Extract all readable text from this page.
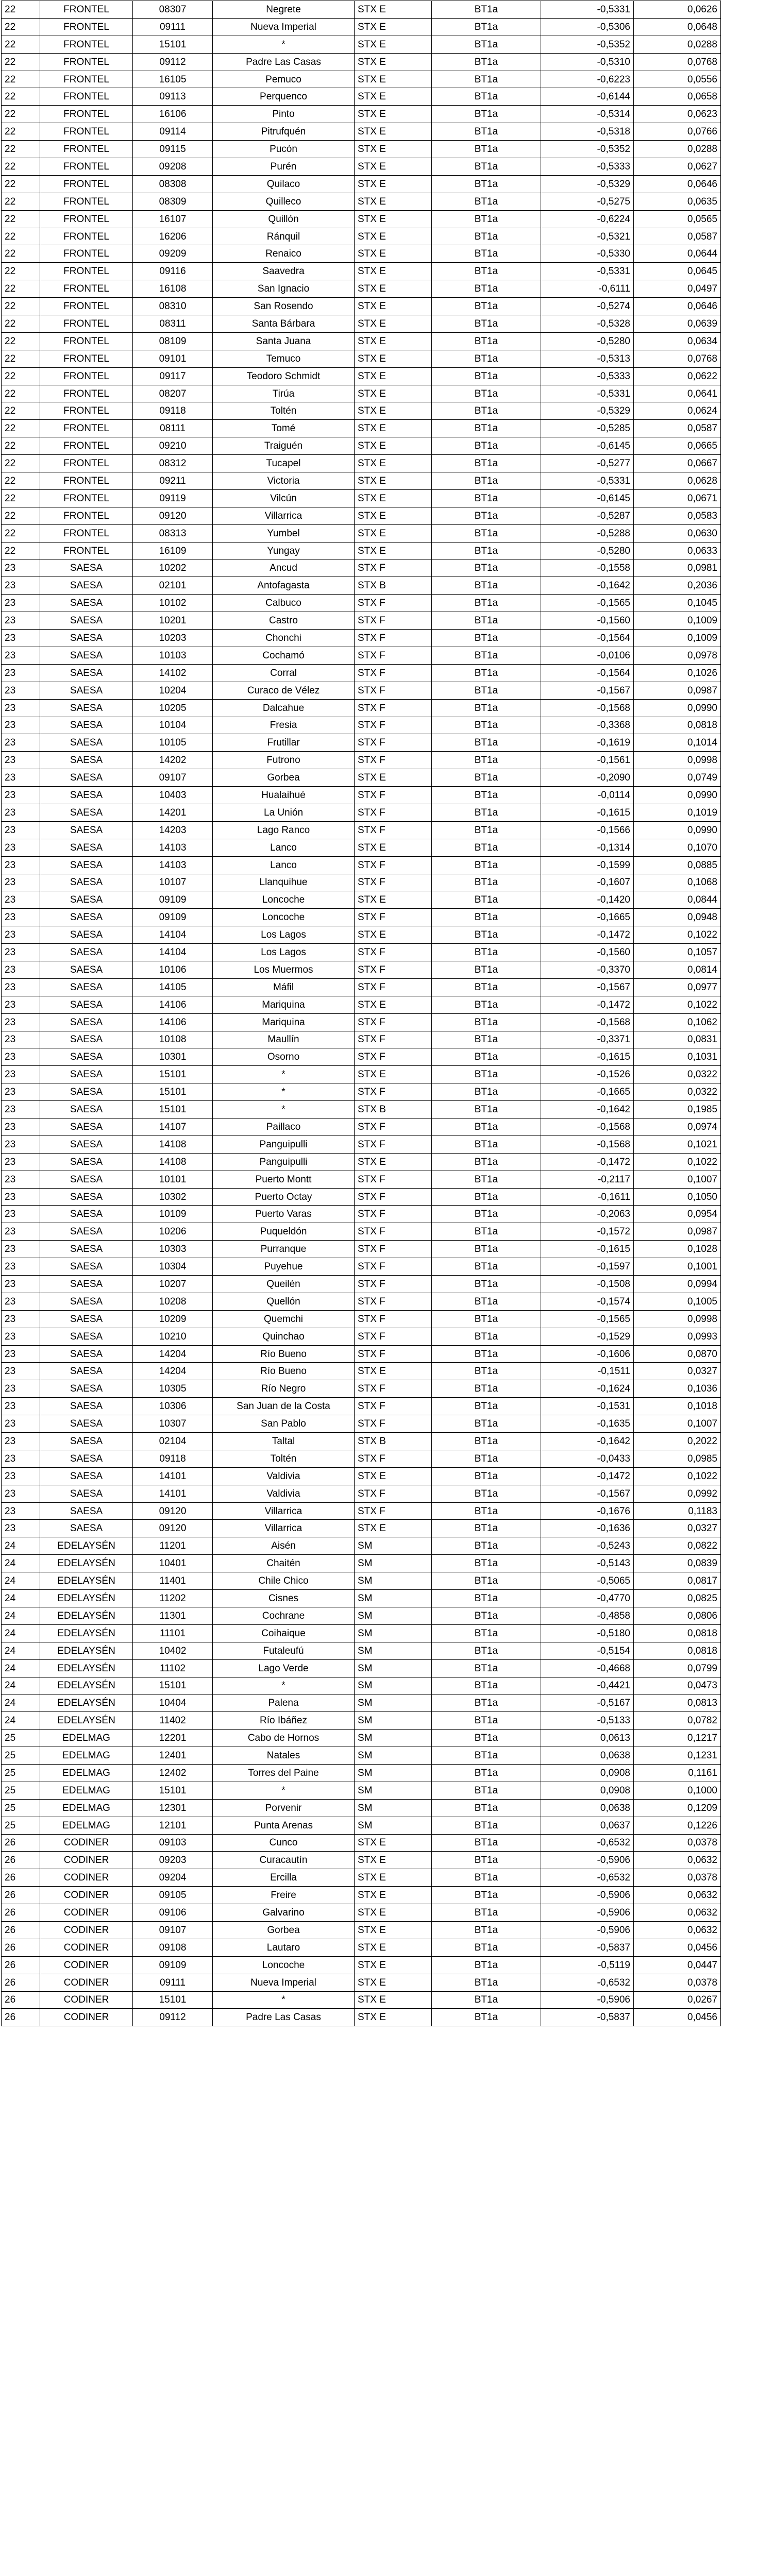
22	FRONTEL	08307	Negrete	STX E	BT1a	-0,5331	0,0626
22	FRONTEL	09111	Nueva Imperial	STX E	BT1a	-0,5306	0,0648
22	FRONTEL	15101	*	STX E	BT1a	-0,5352	0,0288
22	FRONTEL	09112	Padre Las Casas	STX E	BT1a	-0,5310	0,0768
22	FRONTEL	16105	Pemuco	STX E	BT1a	-0,6223	0,0556
22	FRONTEL	09113	Perquenco	STX E	BT1a	-0,6144	0,0658
22	FRONTEL	16106	Pinto	STX E	BT1a	-0,5314	0,0623
22	FRONTEL	09114	Pitrufquén	STX E	BT1a	-0,5318	0,0766
22	FRONTEL	09115	Pucón	STX E	BT1a	-0,5352	0,0288
22	FRONTEL	09208	Purén	STX E	BT1a	-0,5333	0,0627
22	FRONTEL	08308	Quilaco	STX E	BT1a	-0,5329	0,0646
22	FRONTEL	08309	Quilleco	STX E	BT1a	-0,5275	0,0635
22	FRONTEL	16107	Quillón	STX E	BT1a	-0,6224	0,0565
22	FRONTEL	16206	Ránquil	STX E	BT1a	-0,5321	0,0587
22	FRONTEL	09209	Renaico	STX E	BT1a	-0,5330	0,0644
22	FRONTEL	09116	Saavedra	STX E	BT1a	-0,5331	0,0645
22	FRONTEL	16108	San Ignacio	STX E	BT1a	-0,6111	0,0497
22	FRONTEL	08310	San Rosendo	STX E	BT1a	-0,5274	0,0646
22	FRONTEL	08311	Santa Bárbara	STX E	BT1a	-0,5328	0,0639
22	FRONTEL	08109	Santa Juana	STX E	BT1a	-0,5280	0,0634
22	FRONTEL	09101	Temuco	STX E	BT1a	-0,5313	0,0768
22	FRONTEL	09117	Teodoro Schmidt	STX E	BT1a	-0,5333	0,0622
22	FRONTEL	08207	Tirúa	STX E	BT1a	-0,5331	0,0641
22	FRONTEL	09118	Toltén	STX E	BT1a	-0,5329	0,0624
22	FRONTEL	08111	Tomé	STX E	BT1a	-0,5285	0,0587
22	FRONTEL	09210	Traiguén	STX E	BT1a	-0,6145	0,0665
22	FRONTEL	08312	Tucapel	STX E	BT1a	-0,5277	0,0667
22	FRONTEL	09211	Victoria	STX E	BT1a	-0,5331	0,0628
22	FRONTEL	09119	Vilcún	STX E	BT1a	-0,6145	0,0671
22	FRONTEL	09120	Villarrica	STX E	BT1a	-0,5287	0,0583
22	FRONTEL	08313	Yumbel	STX E	BT1a	-0,5288	0,0630
22	FRONTEL	16109	Yungay	STX E	BT1a	-0,5280	0,0633
23	SAESA	10202	Ancud	STX F	BT1a	-0,1558	0,0981
23	SAESA	02101	Antofagasta	STX B	BT1a	-0,1642	0,2036
23	SAESA	10102	Calbuco	STX F	BT1a	-0,1565	0,1045
23	SAESA	10201	Castro	STX F	BT1a	-0,1560	0,1009
23	SAESA	10203	Chonchi	STX F	BT1a	-0,1564	0,1009
23	SAESA	10103	Cochamó	STX F	BT1a	-0,0106	0,0978
23	SAESA	14102	Corral	STX F	BT1a	-0,1564	0,1026
23	SAESA	10204	Curaco de Vélez	STX F	BT1a	-0,1567	0,0987
23	SAESA	10205	Dalcahue	STX F	BT1a	-0,1568	0,0990
23	SAESA	10104	Fresia	STX F	BT1a	-0,3368	0,0818
23	SAESA	10105	Frutillar	STX F	BT1a	-0,1619	0,1014
23	SAESA	14202	Futrono	STX F	BT1a	-0,1561	0,0998
23	SAESA	09107	Gorbea	STX E	BT1a	-0,2090	0,0749
23	SAESA	10403	Hualaihué	STX F	BT1a	-0,0114	0,0990
23	SAESA	14201	La Unión	STX F	BT1a	-0,1615	0,1019
23	SAESA	14203	Lago Ranco	STX F	BT1a	-0,1566	0,0990
23	SAESA	14103	Lanco	STX E	BT1a	-0,1314	0,1070
23	SAESA	14103	Lanco	STX F	BT1a	-0,1599	0,0885
23	SAESA	10107	Llanquihue	STX F	BT1a	-0,1607	0,1068
23	SAESA	09109	Loncoche	STX E	BT1a	-0,1420	0,0844
23	SAESA	09109	Loncoche	STX F	BT1a	-0,1665	0,0948
23	SAESA	14104	Los Lagos	STX E	BT1a	-0,1472	0,1022
23	SAESA	14104	Los Lagos	STX F	BT1a	-0,1560	0,1057
23	SAESA	10106	Los Muermos	STX F	BT1a	-0,3370	0,0814
23	SAESA	14105	Máfil	STX F	BT1a	-0,1567	0,0977
23	SAESA	14106	Mariquina	STX E	BT1a	-0,1472	0,1022
23	SAESA	14106	Mariquina	STX F	BT1a	-0,1568	0,1062
23	SAESA	10108	Maullín	STX F	BT1a	-0,3371	0,0831
23	SAESA	10301	Osorno	STX F	BT1a	-0,1615	0,1031
23	SAESA	15101	*	STX E	BT1a	-0,1526	0,0322
23	SAESA	15101	*	STX F	BT1a	-0,1665	0,0322
23	SAESA	15101	*	STX B	BT1a	-0,1642	0,1985
23	SAESA	14107	Paillaco	STX F	BT1a	-0,1568	0,0974
23	SAESA	14108	Panguipulli	STX F	BT1a	-0,1568	0,1021
23	SAESA	14108	Panguipulli	STX E	BT1a	-0,1472	0,1022
23	SAESA	10101	Puerto Montt	STX F	BT1a	-0,2117	0,1007
23	SAESA	10302	Puerto Octay	STX F	BT1a	-0,1611	0,1050
23	SAESA	10109	Puerto Varas	STX F	BT1a	-0,2063	0,0954
23	SAESA	10206	Puqueldón	STX F	BT1a	-0,1572	0,0987
23	SAESA	10303	Purranque	STX F	BT1a	-0,1615	0,1028
23	SAESA	10304	Puyehue	STX F	BT1a	-0,1597	0,1001
23	SAESA	10207	Queilén	STX F	BT1a	-0,1508	0,0994
23	SAESA	10208	Quellón	STX F	BT1a	-0,1574	0,1005
23	SAESA	10209	Quemchi	STX F	BT1a	-0,1565	0,0998
23	SAESA	10210	Quinchao	STX F	BT1a	-0,1529	0,0993
23	SAESA	14204	Río Bueno	STX F	BT1a	-0,1606	0,0870
23	SAESA	14204	Río Bueno	STX E	BT1a	-0,1511	0,0327
23	SAESA	10305	Río Negro	STX F	BT1a	-0,1624	0,1036
23	SAESA	10306	San Juan de la Costa	STX F	BT1a	-0,1531	0,1018
23	SAESA	10307	San Pablo	STX F	BT1a	-0,1635	0,1007
23	SAESA	02104	Taltal	STX B	BT1a	-0,1642	0,2022
23	SAESA	09118	Toltén	STX F	BT1a	-0,0433	0,0985
23	SAESA	14101	Valdivia	STX E	BT1a	-0,1472	0,1022
23	SAESA	14101	Valdivia	STX F	BT1a	-0,1567	0,0992
23	SAESA	09120	Villarrica	STX F	BT1a	-0,1676	0,1183
23	SAESA	09120	Villarrica	STX E	BT1a	-0,1636	0,0327
24	EDELAYSÉN	11201	Aisén	SM	BT1a	-0,5243	0,0822
24	EDELAYSÉN	10401	Chaitén	SM	BT1a	-0,5143	0,0839
24	EDELAYSÉN	11401	Chile Chico	SM	BT1a	-0,5065	0,0817
24	EDELAYSÉN	11202	Cisnes	SM	BT1a	-0,4770	0,0825
24	EDELAYSÉN	11301	Cochrane	SM	BT1a	-0,4858	0,0806
24	EDELAYSÉN	11101	Coihaique	SM	BT1a	-0,5180	0,0818
24	EDELAYSÉN	10402	Futaleufú	SM	BT1a	-0,5154	0,0818
24	EDELAYSÉN	11102	Lago Verde	SM	BT1a	-0,4668	0,0799
24	EDELAYSÉN	15101	*	SM	BT1a	-0,4421	0,0473
24	EDELAYSÉN	10404	Palena	SM	BT1a	-0,5167	0,0813
24	EDELAYSÉN	11402	Río Ibáñez	SM	BT1a	-0,5133	0,0782
25	EDELMAG	12201	Cabo de Hornos	SM	BT1a	0,0613	0,1217
25	EDELMAG	12401	Natales	SM	BT1a	0,0638	0,1231
25	EDELMAG	12402	Torres del Paine	SM	BT1a	0,0908	0,1161
25	EDELMAG	15101	*	SM	BT1a	0,0908	0,1000
25	EDELMAG	12301	Porvenir	SM	BT1a	0,0638	0,1209
25	EDELMAG	12101	Punta Arenas	SM	BT1a	0,0637	0,1226
26	CODINER	09103	Cunco	STX E	BT1a	-0,6532	0,0378
26	CODINER	09203	Curacautín	STX E	BT1a	-0,5906	0,0632
26	CODINER	09204	Ercilla	STX E	BT1a	-0,6532	0,0378
26	CODINER	09105	Freire	STX E	BT1a	-0,5906	0,0632
26	CODINER	09106	Galvarino	STX E	BT1a	-0,5906	0,0632
26	CODINER	09107	Gorbea	STX E	BT1a	-0,5906	0,0632
26	CODINER	09108	Lautaro	STX E	BT1a	-0,5837	0,0456
26	CODINER	09109	Loncoche	STX E	BT1a	-0,5119	0,0447
26	CODINER	09111	Nueva Imperial	STX E	BT1a	-0,6532	0,0378
26	CODINER	15101	*	STX E	BT1a	-0,5906	0,0267
26	CODINER	09112	Padre Las Casas	STX E	BT1a	-0,5837	0,0456
